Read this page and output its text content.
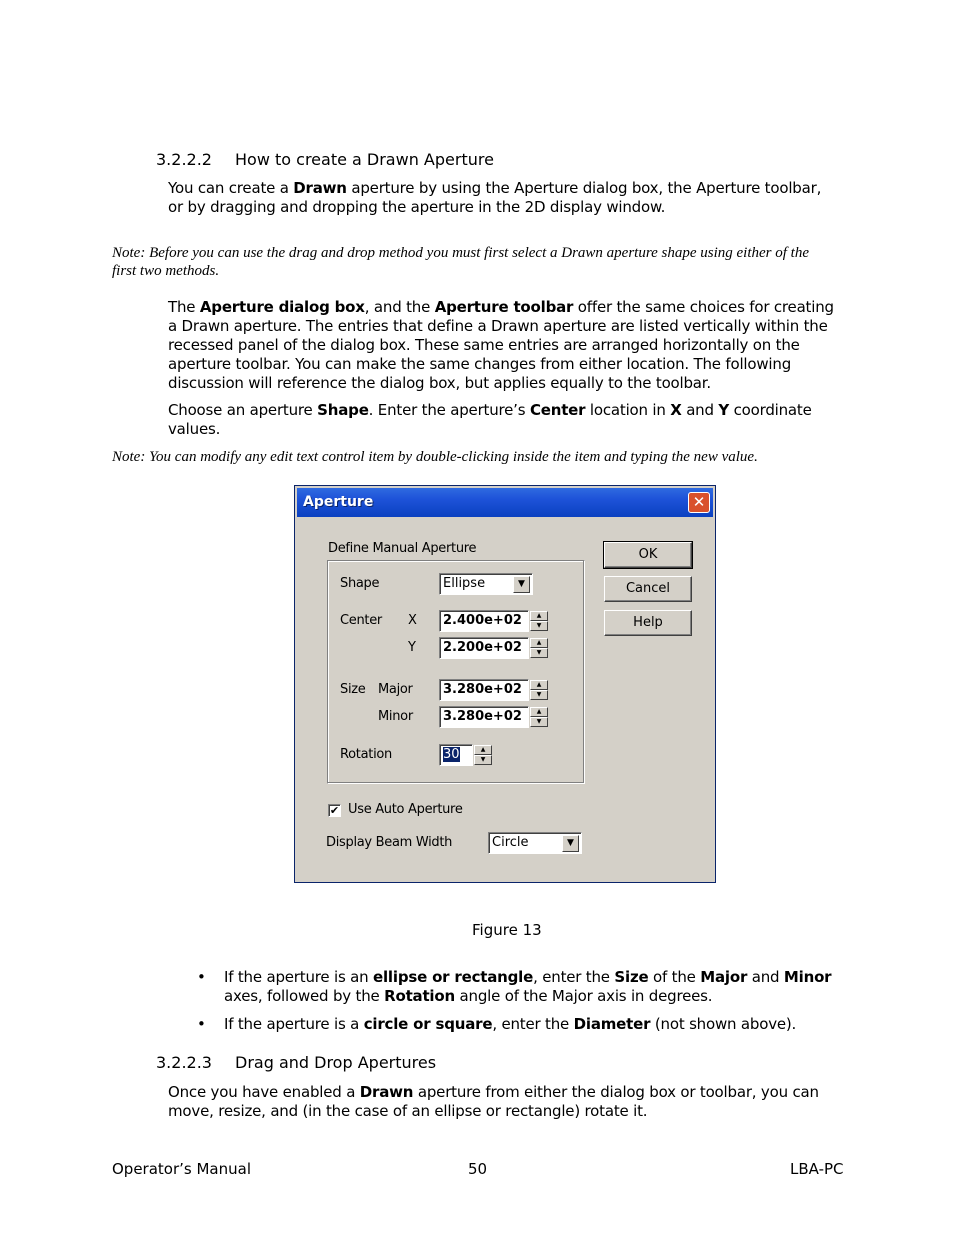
3.2.2.2 How to create a Drawn Aperture
You can create a Drawn aperture by using the Aperture dialog box, the Aperture toolbar, or by dragging and dropping the aperture in the 2D display window.
Note: Before you can use the drag and drop method you must first select a Drawn aperture shape using either of the first two methods.
The Aperture dialog box, and the Aperture toolbar offer the same choices for creating a Drawn aperture. The entries that define a Drawn aperture are listed vertically within the recessed panel of the dialog box. These same entries are arranged horizontally on the aperture toolbar. You can make the same changes from either location. The following discussion will reference the dialog box, but applies equally to the toolbar.
Choose an aperture Shape. Enter the aperture’s Center location in X and Y coordinate values.
Note: You can modify any edit text control item by double-clicking inside the item and typing the new value.
Aperture	✕
Define Manual Aperture
Shape	Ellipse	▼
Center X	2.400e+02	▲
▼
Y	2.200e+02	▲
▼
Size Major	3.280e+02	▲
▼
Minor	3.280e+02	▲
▼
Rotation	30	▲
▼
OK
Cancel
Help
✔ Use Auto Aperture
Display Beam Width	Circle	▼
Figure 13
• If the aperture is an ellipse or rectangle, enter the Size of the Major and Minor axes, followed by the Rotation angle of the Major axis in degrees.
• If the aperture is a circle or square, enter the Diameter (not shown above).
3.2.2.3 Drag and Drop Apertures
Once you have enabled a Drawn aperture from either the dialog box or toolbar, you can move, resize, and (in the case of an ellipse or rectangle) rotate it.
Operator’s Manual	50	LBA-PC
